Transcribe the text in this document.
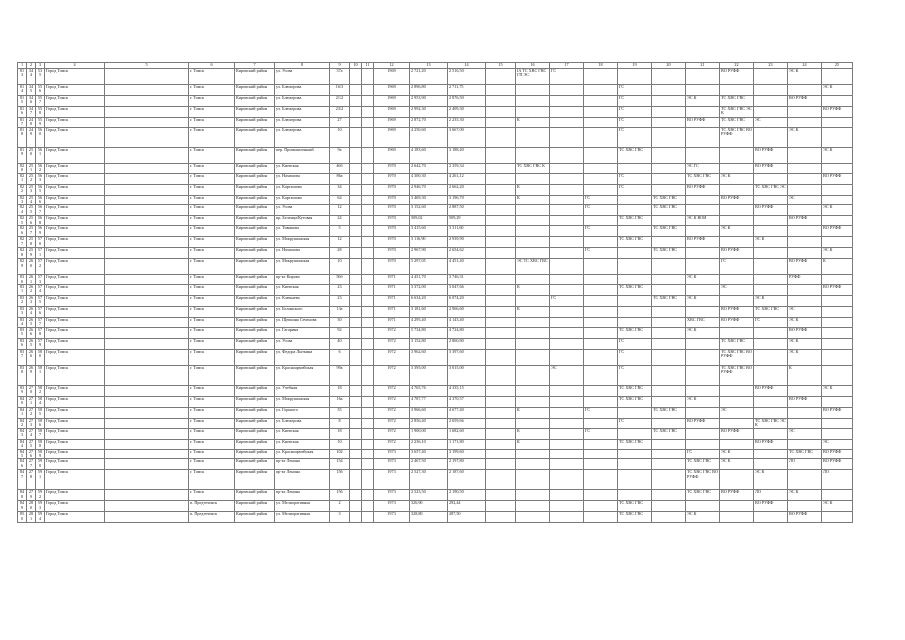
1	2	3	4	5	6	7	8	9	10	11	12	13	14	15	16	17	18	19	20	21	22	23	24	25
813	344	535	Город Томск		г. Томск	Кировский район	ул. Усова	37а			1969	2 721,20	2 516,50		IA ТС ХВС ГВС ГП ЭС	ГС					ВО РУФФ		ЭС К	
814	345	556	Город Томск		г. Томск	Кировский район	ул. Блюхерова	16/3			1969	2 896,80	2 711,75					ГС						ЭС К
815	346	557	Город Томск		г. Томск	Кировский район	ул. Блюхерова	21/2			1969	2 953,90	2 876,50					ГС		ЭС К	ТС ХВС ГВС		ВО РУФФ	
816	347	558	Город Томск		г. Томск	Кировский район	ул. Блюхерова	23/2			1969	2 992,30	2 409,30					ГС			ТС ХВС ГВС ЭС К			ВО РУФФ
817	248	559	Город Томск		г. Томск	Кировский район	ул. Блюхерова	27			1969	2 872,70	2 235,30		К			ГС		ВО РУФФ	ТС ХВС ГВС	ЭС		
818	249	560	Город Томск		г. Томск	Кировский район	ул. Блюхерова	10			1969	4 250,60	3 667,00					ГС			ТС ХВС ГВС ВО РУФФ		ЭС К	
819	250	561	Город Томск		г. Томск	Кировский район	пер. Промышленный	9а			1969	4 183,60	3 188,40					ТС ХВС ГВС				ВО РУФФ		ЭС К
820	251	562	Город Томск		г. Томск	Кировский район	ул. Киевская	46б			1970	2 642,70	2 359,34		ТС ХВС ГВС К					ЭС ГС		ВО РУФФ		
821	252	563	Город Томск		г. Томск	Кировский район	ул. Нахимова	86а			1970	4 300,30	4 261,12					ГС		ТС ХВС ГВС	ЭС К			ВО РУФФ
822	253	565	Город Томск		г. Томск	Кировский район	ул. Карташова	34			1970	2 946,70	2 662,20		К			ГС		ВО РУФФ		ТС ХВС ГВС ЭС		
823	254	566	Город Томск		г. Томск	Кировский район	ул. Карташова	64			1970	3 469,30	3 196,70		К		ГС		ТС ХВС ГВС		ВО РУФФ		ЭС	
824	255	567	Город Томск		г. Томск	Кировский район	ул. Усова	12			1970	3 152,60	2 887,50				ГС		ТС ХВС ГВС			ВО РУФФ		ЭС К
825	256	568	Город Томск		г. Томск	Кировский район	пр. Беленца/Кутовая	24			1970	509,02	509,29					ТС ХВС ГВС		ЭС К ВОИ			ВО РУФФ	
826	257	569	Город Томск		г. Томск	Кировский район	ул. Тимакова	5			1970	3 415,60	3 311,60				ГС		ТС ХВС ГВС		ЭС К			ВО РУФФ
827	258	570	Город Томск		г. Томск	Кировский район	ул. Мокрушинская	12			1970	3 116,90	2 939,90					ТС ХВС ГВС		ВО РУФФ		ЭС К		
828	259	571	Город Томск		г. Томск	Кировский район	ул. Нахимова	28			1970	2 967,90	2 654,62				ГС		ТС ХВС ГВС		ВО РУФФ			ЭС К
829	260	572	Город Томск		г. Томск	Кировский район	ул. Мокрушинская	10			1970	5 297,05	4 451,40		ЭС ТС ХВС ГВС						ГС		ВО РУФФ	К
830	261	573	Город Томск		г. Томск	Кировский район	пр-кт Кирова	56б			1971	4 451,70	3 746,31							ЭС К			РУФФ	
831	262	574	Город Томск		г. Томск	Кировский район	ул. Киевская	23			1971	3 372,00	3 047,66		К			ТС ХВС ГВС			ЭС			ВО РУФФ
832	263	575	Город Томск		г. Томск	Кировский район	ул. Клюкаева	23			1971	6 634,20	6 074,20			ГС			ТС ХВС ГВС	ЭС К		ЭС К		
833	264	576	Город Томск		г. Томск	Кировский район	ул. Белинского	13а			1971	3 181,60	2 966,60		К						ВО РУФФ	ТС ХВС ГВС	ЭС	
834	265	577	Город Томск		г. Томск	Кировский район	ул. Щепкина Сеченова	30			1971	4 295,40	4 143,40							ХВС ГВС	ВО РУФФ	ГС	ЭС К	
835	266	578	Город Томск		г. Томск	Кировский район	ул. Гагарина	92			1972	5 734,80	4 724,80					ТС ХВС ГВС		ЭС К			ВО РУФФ	
836	265	579	Город Томск		г. Томск	Кировский район	ул. Усова	40			1972	3 152,80	2 860,80					ГС			ТС ХВС ГВС		ЭС К	
837	266	580	Город Томск		г. Томск	Кировский район	ул. Федора Лыткина	6			1972	3 962,60	3 397,60					ГС			ТС ХВС ГВС ВО РУФФ		ЭС К	
838	269	581	Город Томск		г. Томск	Кировский район	ул. Красноармейская	99а			1972	3 395,00	3 015,00			ЭС		ГС			ТС ХВС ГВС ВО РУФФ		К	
839	270	582	Город Томск		г. Томск	Кировский район	ул. Учебная	18			1972	4 765,76	4 335,15					ТС ХВС ГВС				ВО РУФФ		ЭС К
840	271	584	Город Томск		г. Томск	Кировский район	ул. Мокрушинская	16а			1972	4 787,77	4 370,57					ТС ХВС ГВС		ЭС К			ВО РУФФ	
841	272	585	Город Томск		г. Томск	Кировский район	ул. Горького	35			1972	3 966,60	4 677,40		К		ГС		ТС ХВС ГВС		ЭС			ВО РУФФ
842	273	586	Город Томск		г. Томск	Кировский район	ул. Блюхерова	8			1972	2 856,40	2 659,66					ГС		ВО РУФФ		ТС ХВС ГВС ЭС К		
843	274	587	Город Томск		г. Томск	Кировский район	ул. Киевская	18			1972	1 900,00	1 682,60		К		ГС		ТС ХВС ГВС		ВО РУФФ		ЭС	
844	275	588	Город Томск		г. Томск	Кировский район	ул. Киевская	10			1972	2 236,10	1 171,80		К			ТС ХВС ГВС				ВО РУФФ		ЭС
845	276	589	Город Томск		г. Томск	Кировский район	ул. Красноармейская	102			1973	3 657,40	3 199,60							ГС	ЭС К		ТС ХВС ГВС	ВО РУФФ
846	277	590	Город Томск		г. Томск	Кировский район	пр-кт Ленина	154			1973	2 467,50	2 197,80							ТС ХВС ГВС	ЭС К		ЛО	ВО РУФФ
847	278	591	Город Томск		г. Томск	Кировский район	пр-кт Ленина	156			1973	2 527,30	2 187,60							ТС ХВС ГВС ВО РУФФ		ЭС К		ЛО
848	279	592	Город Томск		г. Томск	Кировский район	пр-кт Ленина	156			1973	2 523,50	2 190,50							ТС ХВС ГВС	ВО РУФФ	ЛО	ЭС К	
849	280	593	Город Томск		п. Предтеченск	Кировский район	ул. Мелиоративная	2			1973	326,90	292,44					ТС ХВС ГВС				ВО РУФФ		ЭС К
850	281	594	Город Томск		п. Предтеченск	Кировский район	ул. Мелиоративная	3			1973	328,80	287,50					ТС ХВС ГВС		ЭС К			ВО РУФФ	
